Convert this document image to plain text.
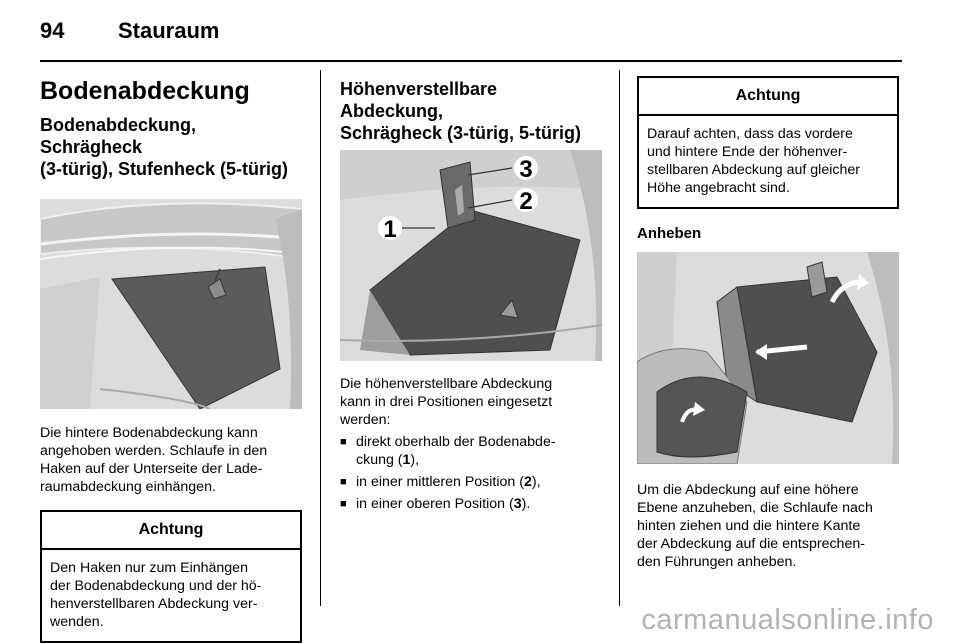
94 Stauraum
Bodenabdeckung
Bodenabdeckung, Schrägheck
(3-türig), Stufenheck (5-türig)
Die hintere Bodenabdeckung kann
angehoben werden. Schlaufe in den
Haken auf der Unterseite der Lade-
raumabdeckung einhängen.
Achtung
Den Haken nur zum Einhängen
der Bodenabdeckung und der hö-
henverstellbaren Abdeckung ver-
wenden.
Höhenverstellbare Abdeckung,
Schrägheck (3-türig, 5-türig)
3
2
1
Die höhenverstellbare Abdeckung
kann in drei Positionen eingesetzt
werden:
■ direkt oberhalb der Bodenabde-
ckung (1),
■ in einer mittleren Position (2),
■ in einer oberen Position (3).
Achtung
Darauf achten, dass das vordere
und hintere Ende der höhenver-
stellbaren Abdeckung auf gleicher
Höhe angebracht sind.
Anheben
Um die Abdeckung auf eine höhere
Ebene anzuheben, die Schlaufe nach
hinten ziehen und die hintere Kante
der Abdeckung auf die entsprechen-
den Führungen anheben.
carmanualsonline.info
